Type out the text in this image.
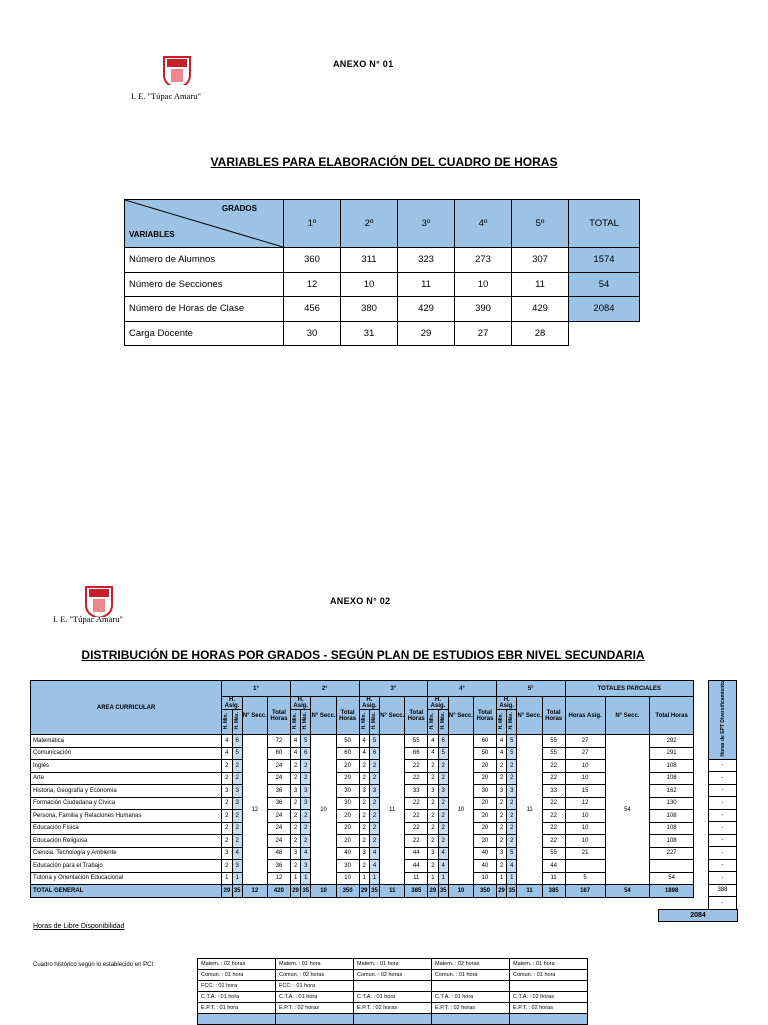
I. E. "Túpac Amaru"
ANEXO N° 01
VARIABLES PARA ELABORACIÓN DEL CUADRO DE HORAS
GRADOS
VARIABLES	1º	2º	3º	4º	5º	TOTAL
Número de Alumnos	360	311	323	273	307	1574
Número de Secciones	12	10	11	10	11	54
Número de Horas de Clase	456	380	429	390	429	2084
Carga Docente	30	31	29	27	28	
I. E. "Túpac Amaru"
ANEXO N° 02
DISTRIBUCIÓN DE HORAS POR GRADOS - SEGÚN PLAN DE ESTUDIOS EBR NIVEL SECUNDARIA
AREA CURRICULAR	1°				2°				3°				4°				5°				TOTALES PARCIALES		
	H. Asig.		N° Secc.	Total Horas	H. Asig.		N° Secc.	Total Horas	H. Asig.		N° Secc.	Total Horas	H. Asig.		N° Secc.	Total Horas	H. Asig.		N° Secc.	Total Horas	Horas Asig.	N° Secc.	Total Horas
	H. Mín.	H. Máx.			H. Mín.	H. Máx.			H. Mín.	H. Máx.			H. Mín.	H. Máx.			H. Mín.	H. Máx.					
Matemática	4	6	12	72	4	5	10	50	4	5	11	55	4	6	10	60	4	5	11	55	27	54	292
Comunicación	4	5		60	4	6		60	4	6		66	4	5		50	4	5		55	27		291
Inglés	2	2		24	2	2		20	2	2		22	2	2		20	2	2		22	10		108
Arte	2	2		24	2	2		20	2	2		22	2	2		20	2	2		22	10		108
Historia, Geografía y Economía	3	3		36	3	3		30	3	3		33	3	3		30	3	3		33	15		162
Formación Ciudadana y Cívica	2	3		36	2	3		30	2	2		22	2	2		20	2	2		22	12		130
Persona, Familia y Relaciones Humanas	2	2		24	2	2		20	2	2		22	2	2		20	2	2		22	10		108
Educación Física	2	2		24	2	2		20	2	2		22	2	2		20	2	2		22	10		108
Educación Religiosa	2	2		24	2	2		20	2	2		22	2	2		20	2	2		22	10		108
Ciencia, Tecnología y Ambiente	3	4		48	3	4		40	3	4		44	3	4		40	3	5		55	21		227
Educación para el Trabajo	2	3		36	2	3		30	2	4		44	2	4		40	2	4		44			
Tutoría y Orientación Educacional	1	1		12	1	1		10	1	1		11	1	1		10	1	1		11	5		54
TOTAL GENERAL	29	35	12	420	29	35	10	350	29	35	11	385	29	35	10	350	29	35	11	385	167	54	1898
Horas de EPT Diversificamiento
-
-
-
-
-
-
-
-
-
-
388
-

2084
Horas de Libre Disponibilidad
Cuadro histórico según lo establecido en PCI:	Matem. : 02 horas	Matem. : 01 hora	Matem. : 01 hora	Matem. : 02 horas	Matem. : 01 hora
Comun. : 01 hora	Comun. : 02 horas	Comun. : 02 horas	Comun. : 01 hora	Comun. : 01 hora
FCC: : 01 hora	FCC: : 01 hora			
C.T.A. : 01 hora	C.T.A. : 01 hora	C.T.A. : 01 hora	C.T.A. : 01 hora	C.T.A. : 02 horas
E.P.T. : 01 hora	E.P.T. : 02 horas	E.P.T. : 02 horas	E.P.T. : 02 horas	E.P.T. : 02 horas
